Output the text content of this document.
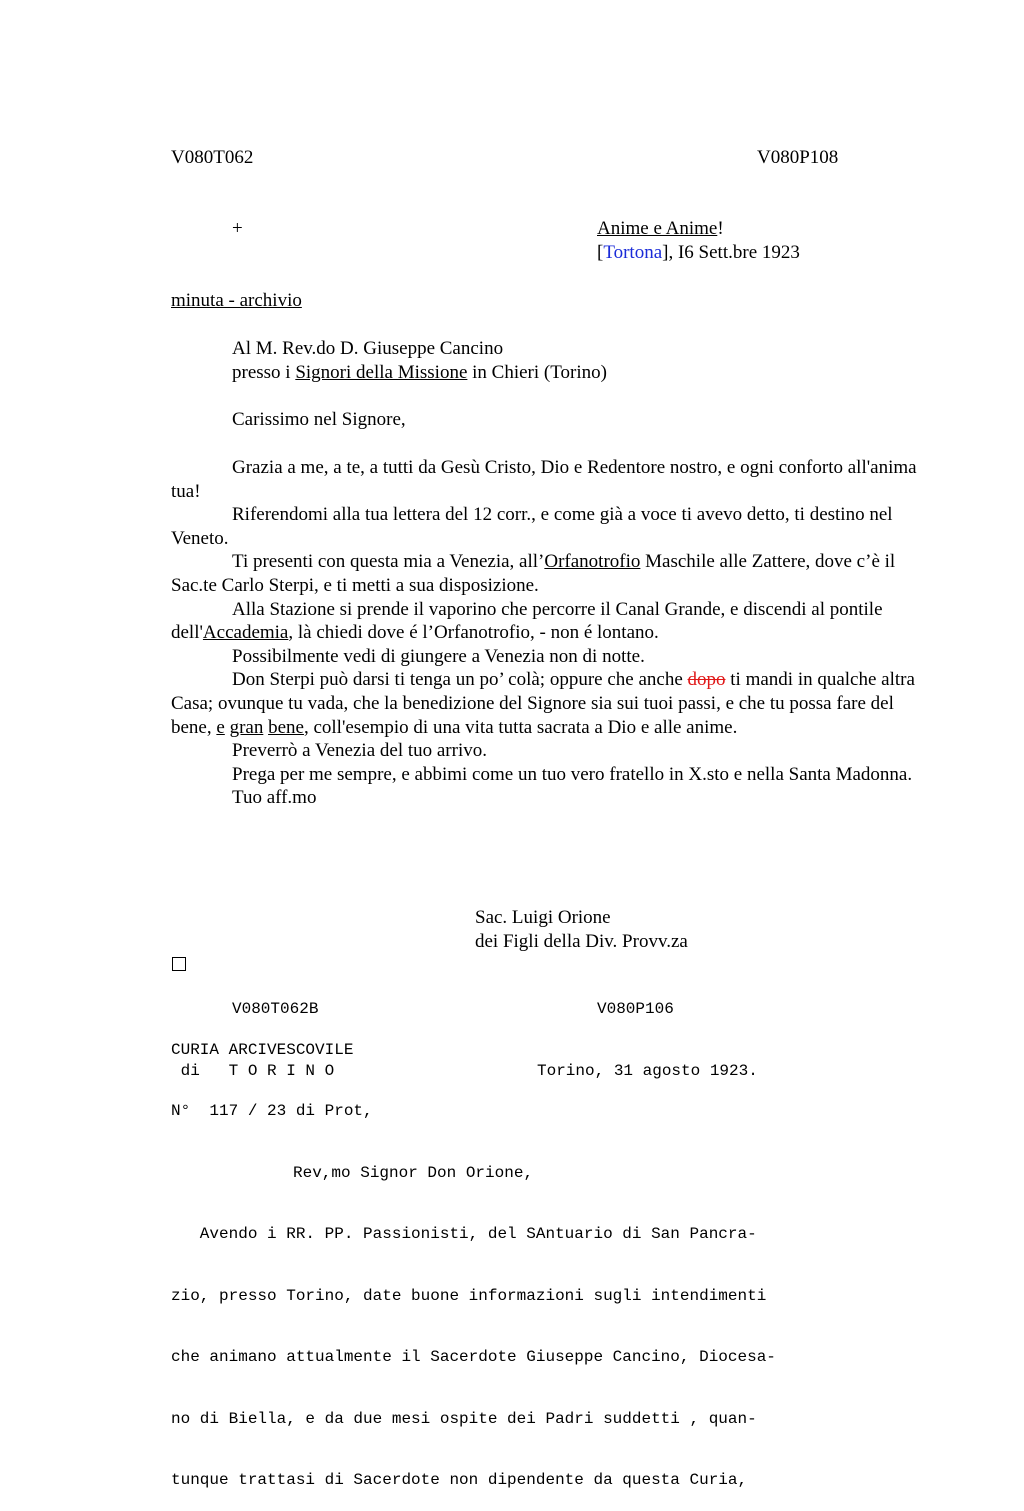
V080T062	V080P108
+	Anime e Anime!
[Tortona], I6 Sett.bre 1923
minuta - archivio
Al M. Rev.do D. Giuseppe Cancino
presso i Signori della Missione in Chieri (Torino)
Carissimo nel Signore,

Grazia a me, a te, a tutti da Gesù Cristo, Dio e Redentore nostro, e ogni conforto all'anima tua!

Riferendomi alla tua lettera del 12 corr., e come già a voce ti avevo detto, ti destino nel Veneto.

Ti presenti con questa mia a Venezia, all’Orfanotrofio Maschile alle Zattere, dove c’è il Sac.te Carlo Sterpi, e ti metti a sua disposizione.

Alla Stazione si prende il vaporino che percorre il Canal Grande, e discendi al pontile dell'Accademia, là chiedi dove é l’Orfanotrofio, - non é lontano.

Possibilmente vedi di giungere a Venezia non di notte.

Don Sterpi può darsi ti tenga un po’ colà; oppure che anche dopo ti mandi in qualche altra Casa; ovunque tu vada, che la benedizione del Signore sia sui tuoi passi, e che tu possa fare del bene, e gran bene, coll'esempio di una vita tutta sacrata a Dio e alle anime.

Preverrò a Venezia del tuo arrivo.

Prega per me sempre, e abbimi come un tuo vero fratello in X.sto e nella Santa Madonna.

Tuo aff.mo

Sac. Luigi Orione
dei Figli della Div. Provv.za
V080T062B	V080P106
CURIA ARCIVESCOVILE
di   T O R I N O	Torino, 31 agosto 1923.
N°  117 / 23 di Prot,
Rev,mo Signor Don Orione,

Avendo i RR. PP. Passionisti, del SAntuario di San Pancra-

zio, presso Torino, date buone informazioni sugli intendimenti

che animano attualmente il Sacerdote Giuseppe Cancino, Diocesa-

no di Biella, e da due mesi ospite dei Padri suddetti , quan-

tunque trattasi di Sacerdote non dipendente da questa Curia,
